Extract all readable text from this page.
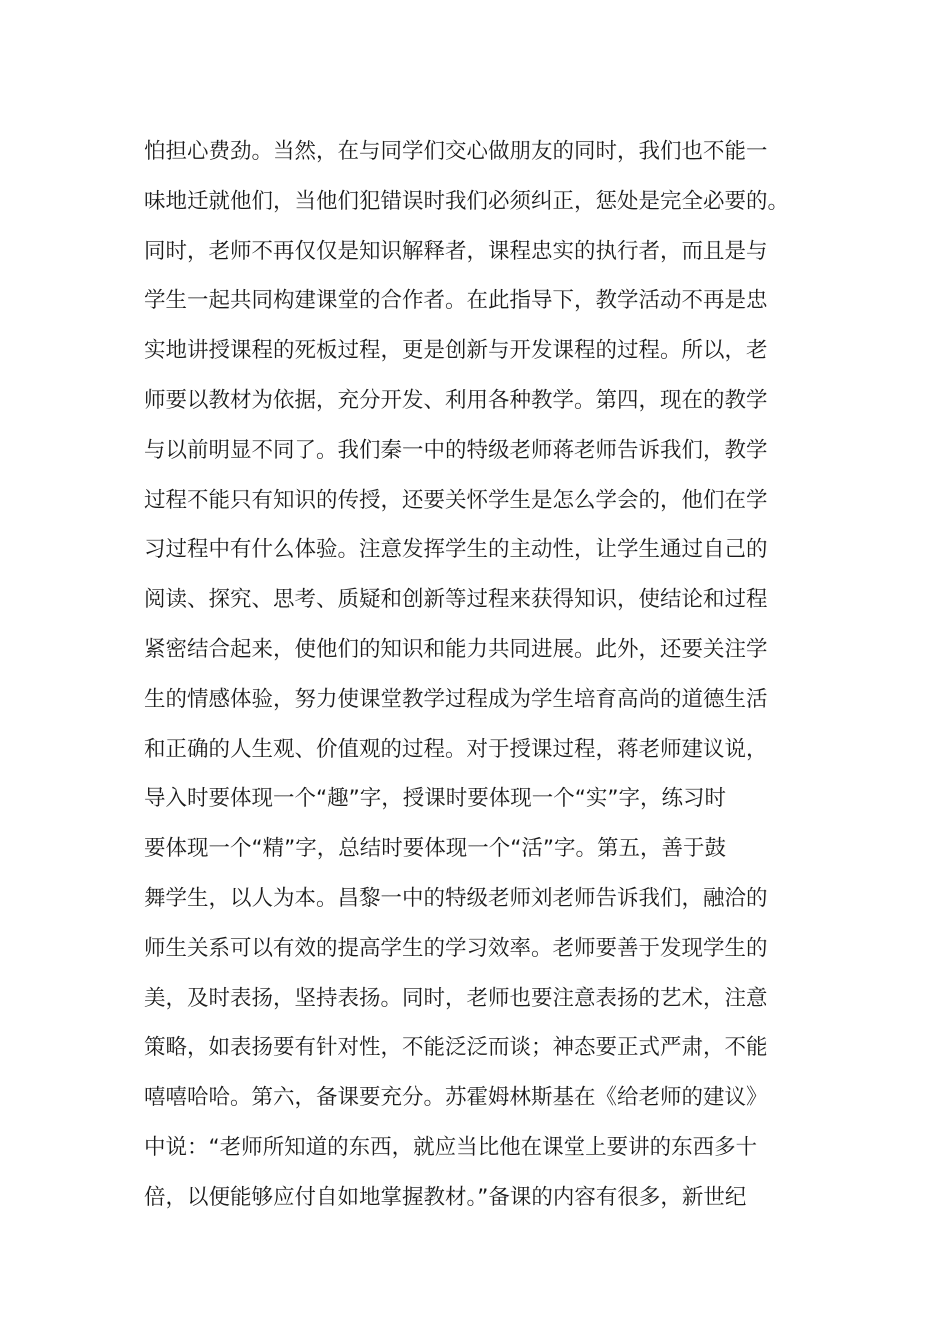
怕担心费劲。当然，在与同学们交心做朋友的同时，我们也不能一
味地迁就他们，当他们犯错误时我们必须纠正，惩处是完全必要的。
同时，老师不再仅仅是知识解释者，课程忠实的执行者，而且是与
学生一起共同构建课堂的合作者。在此指导下，教学活动不再是忠
实地讲授课程的死板过程，更是创新与开发课程的过程。所以，老
师要以教材为依据，充分开发、利用各种教学。第四，现在的教学
与以前明显不同了。我们秦一中的特级老师蒋老师告诉我们，教学
过程不能只有知识的传授，还要关怀学生是怎么学会的，他们在学
习过程中有什么体验。注意发挥学生的主动性，让学生通过自己的
阅读、探究、思考、质疑和创新等过程来获得知识，使结论和过程
紧密结合起来，使他们的知识和能力共同进展。此外，还要关注学
生的情感体验，努力使课堂教学过程成为学生培育高尚的道德生活
和正确的人生观、价值观的过程。对于授课过程，蒋老师建议说，
导入时要体现一个“趣”字，授课时要体现一个“实”字，练习时
要体现一个“精”字，总结时要体现一个“活”字。第五，善于鼓
舞学生，以人为本。昌黎一中的特级老师刘老师告诉我们，融洽的
师生关系可以有效的提高学生的学习效率。老师要善于发现学生的
美，及时表扬，坚持表扬。同时，老师也要注意表扬的艺术，注意
策略，如表扬要有针对性，不能泛泛而谈；神态要正式严肃，不能
嘻嘻哈哈。第六，备课要充分。苏霍姆林斯基在《给老师的建议》
中说：“老师所知道的东西，就应当比他在课堂上要讲的东西多十
倍，以便能够应付自如地掌握教材。”备课的内容有很多，新世纪
